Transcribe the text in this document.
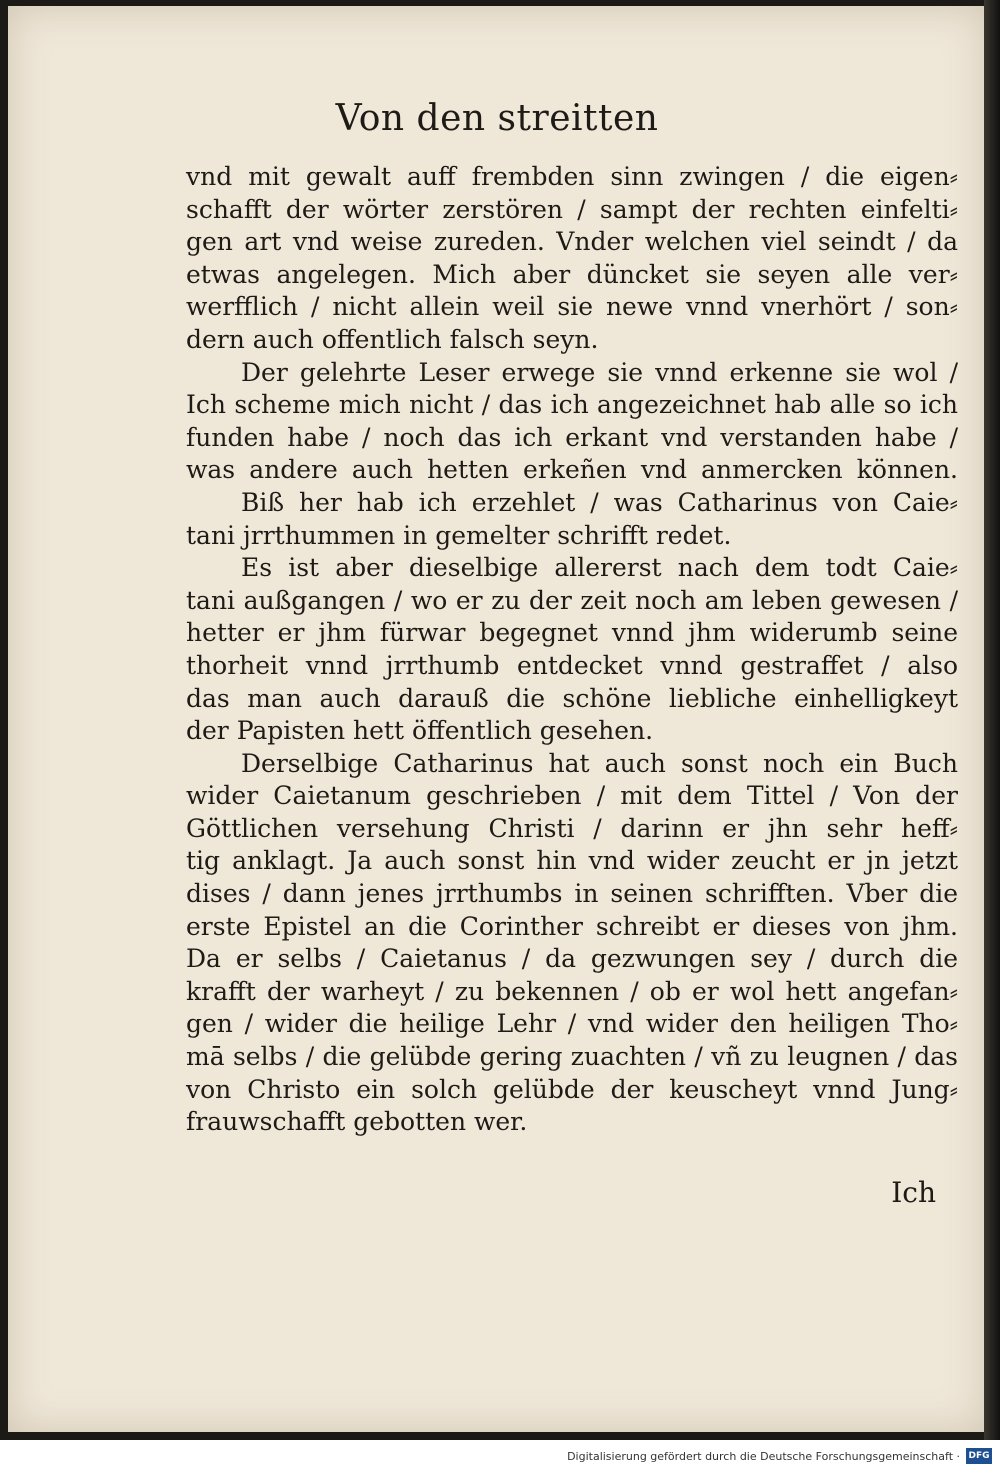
Von den streitten
vnd mit gewalt auff frembden sinn zwingen / die eigen⸗
schafft der wörter zerstören / sampt der rechten einfelti⸗
gen art vnd weise zureden. Vnder welchen viel seindt / da
etwas angelegen. Mich aber düncket sie seyen alle ver⸗
werfflich / nicht allein weil sie newe vnnd vnerhört / son⸗
dern auch offentlich falsch seyn.
Der gelehrte Leser erwege sie vnnd erkenne sie wol /
Ich scheme mich nicht / das ich angezeichnet hab alle so ich
funden habe / noch das ich erkant vnd verstanden habe /
was andere auch hetten erkeñen vnd anmercken können.
Biß her hab ich erzehlet / was Catharinus von Caie⸗
tani jrrthummen in gemelter schrifft redet.
Es ist aber dieselbige allererst nach dem todt Caie⸗
tani außgangen / wo er zu der zeit noch am leben gewesen /
hetter er jhm fürwar begegnet vnnd jhm widerumb seine
thorheit vnnd jrrthumb entdecket vnnd gestraffet / also
das man auch darauß die schöne liebliche einhelligkeyt
der Papisten hett öffentlich gesehen.
Derselbige Catharinus hat auch sonst noch ein Buch
wider Caietanum geschrieben / mit dem Tittel / Von der
Göttlichen versehung Christi / darinn er jhn sehr heff⸗
tig anklagt. Ja auch sonst hin vnd wider zeucht er jn jetzt
dises / dann jenes jrrthumbs in seinen schrifften. Vber die
erste Epistel an die Corinther schreibt er dieses von jhm.
Da er selbs / Caietanus / da gezwungen sey / durch die
krafft der warheyt / zu bekennen / ob er wol hett angefan⸗
gen / wider die heilige Lehr / vnd wider den heiligen Tho⸗
mā selbs / die gelübde gering zuachten / vñ zu leugnen / das
von Christo ein solch gelübde der keuscheyt vnnd Jung⸗
frauwschafft gebotten wer.
Ich
Digitalisierung gefördert durch die Deutsche Forschungsgemeinschaft · DFG
